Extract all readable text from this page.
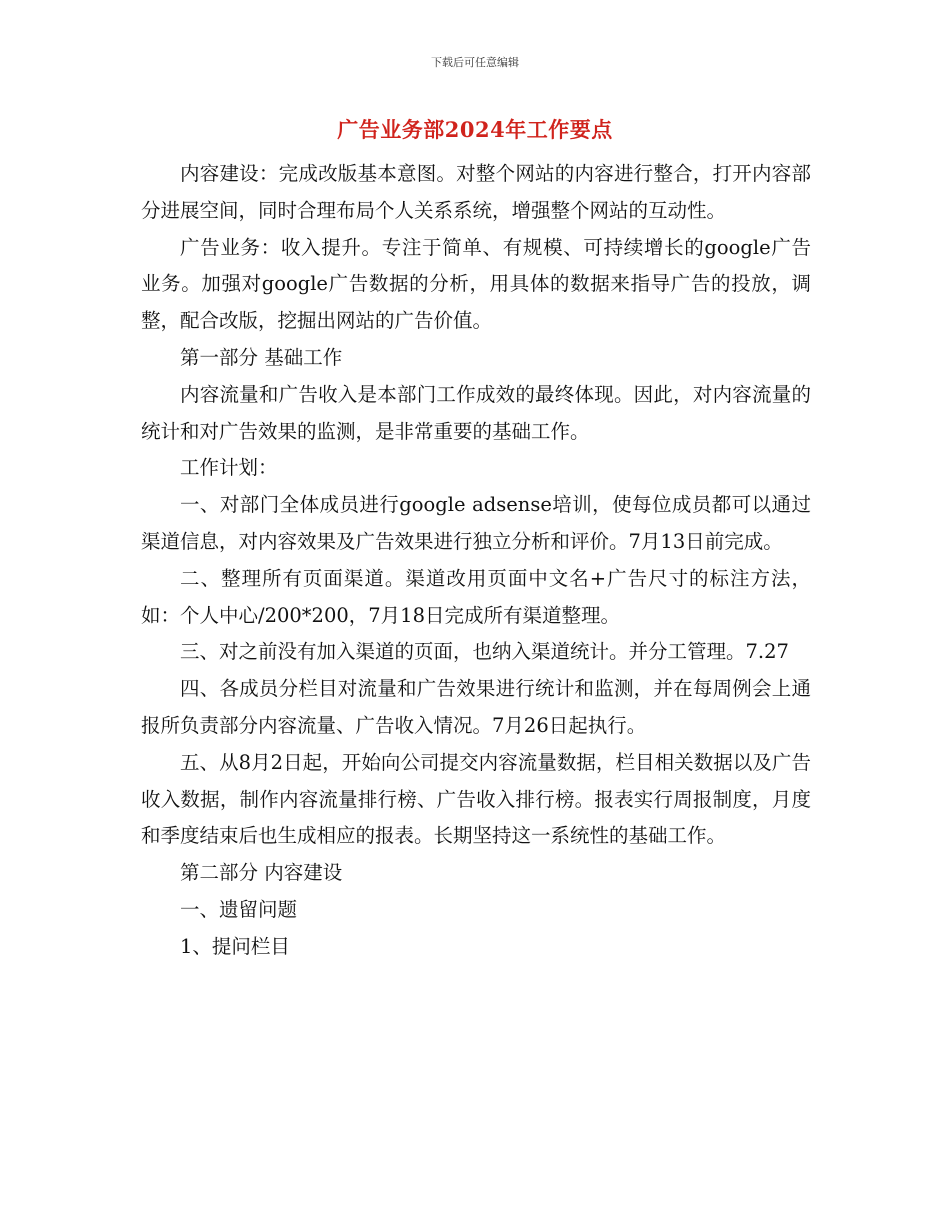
下载后可任意编辑
广告业务部2024年工作要点

内容建设：完成改版基本意图。对整个网站的内容进行整合，打开内容部分进展空间，同时合理布局个人关系系统，增强整个网站的互动性。

广告业务：收入提升。专注于简单、有规模、可持续增长的google广告业务。加强对google广告数据的分析，用具体的数据来指导广告的投放，调整，配合改版，挖掘出网站的广告价值。

第一部分 基础工作

内容流量和广告收入是本部门工作成效的最终体现。因此，对内容流量的统计和对广告效果的监测，是非常重要的基础工作。

工作计划：

一、对部门全体成员进行google adsense培训，使每位成员都可以通过渠道信息，对内容效果及广告效果进行独立分析和评价。7月13日前完成。

二、整理所有页面渠道。渠道改用页面中文名+广告尺寸的标注方法，如：个人中心/200*200，7月18日完成所有渠道整理。

三、对之前没有加入渠道的页面，也纳入渠道统计。并分工管理。7.27

四、各成员分栏目对流量和广告效果进行统计和监测，并在每周例会上通报所负责部分内容流量、广告收入情况。7月26日起执行。

五、从8月2日起，开始向公司提交内容流量数据，栏目相关数据以及广告收入数据，制作内容流量排行榜、广告收入排行榜。报表实行周报制度，月度和季度结束后也生成相应的报表。长期坚持这一系统性的基础工作。

第二部分 内容建设

一、遗留问题

1、提问栏目
